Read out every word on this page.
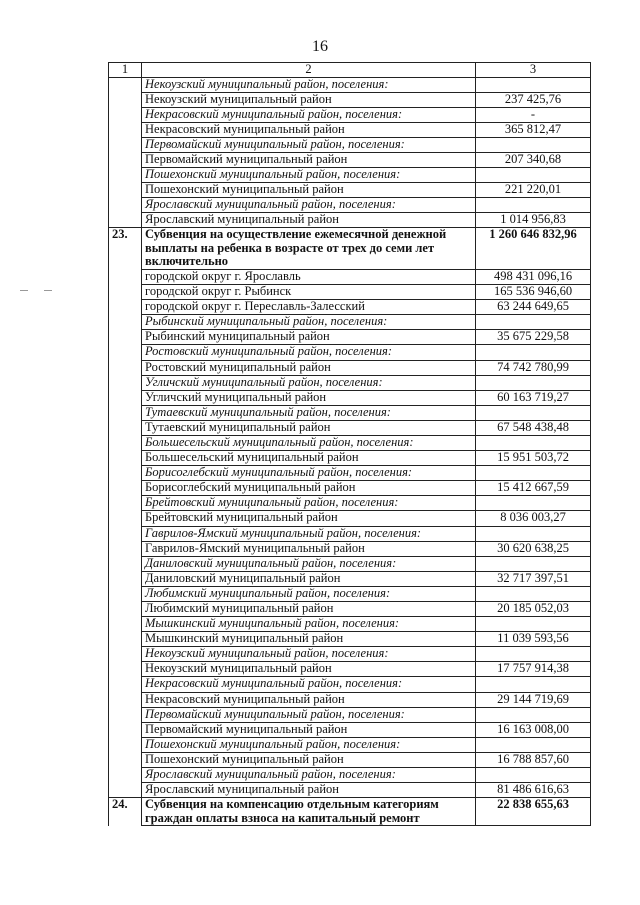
16
1	2	3
	Некоузский муниципальный район, поселения:	
	Некоузский муниципальный район	237 425,76
	Некрасовский муниципальный район, поселения:	-
	Некрасовский муниципальный район	365 812,47
	Первомайский муниципальный район, поселения:	
	Первомайский муниципальный район	207 340,68
	Пошехонский муниципальный район, поселения:	
	Пошехонский муниципальный район	221 220,01
	Ярославский муниципальный район, поселения:	
	Ярославский муниципальный район	1 014 956,83
23.	Субвенция на осуществление ежемесячной денежной выплаты на ребенка в возрасте от трех до семи лет включительно	1 260 646 832,96
	городской округ г. Ярославль	498 431 096,16
	городской округ г. Рыбинск	165 536 946,60
	городской округ г. Переславль-Залесский	63 244 649,65
	Рыбинский муниципальный район, поселения:	
	Рыбинский муниципальный район	35 675 229,58
	Ростовский муниципальный район, поселения:	
	Ростовский муниципальный район	74 742 780,99
	Угличский муниципальный район, поселения:	
	Угличский муниципальный район	60 163 719,27
	Тутаевский муниципальный район, поселения:	
	Тутаевский муниципальный район	67 548 438,48
	Большесельский муниципальный район, поселения:	
	Большесельский муниципальный район	15 951 503,72
	Борисоглебский муниципальный район, поселения:	
	Борисоглебский муниципальный район	15 412 667,59
	Брейтовский муниципальный район, поселения:	
	Брейтовский муниципальный район	8 036 003,27
	Гаврилов-Ямский муниципальный район, поселения:	
	Гаврилов-Ямский муниципальный район	30 620 638,25
	Даниловский муниципальный район, поселения:	
	Даниловский муниципальный район	32 717 397,51
	Любимский муниципальный район, поселения:	
	Любимский муниципальный район	20 185 052,03
	Мышкинский муниципальный район, поселения:	
	Мышкинский муниципальный район	11 039 593,56
	Некоузский муниципальный район, поселения:	
	Некоузский муниципальный район	17 757 914,38
	Некрасовский муниципальный район, поселения:	
	Некрасовский муниципальный район	29 144 719,69
	Первомайский муниципальный район, поселения:	
	Первомайский муниципальный район	16 163 008,00
	Пошехонский муниципальный район, поселения:	
	Пошехонский муниципальный район	16 788 857,60
	Ярославский муниципальный район, поселения:	
	Ярославский муниципальный район	81 486 616,63
24.	Субвенция на компенсацию отдельным категориям граждан оплаты взноса на капитальный ремонт	22 838 655,63
